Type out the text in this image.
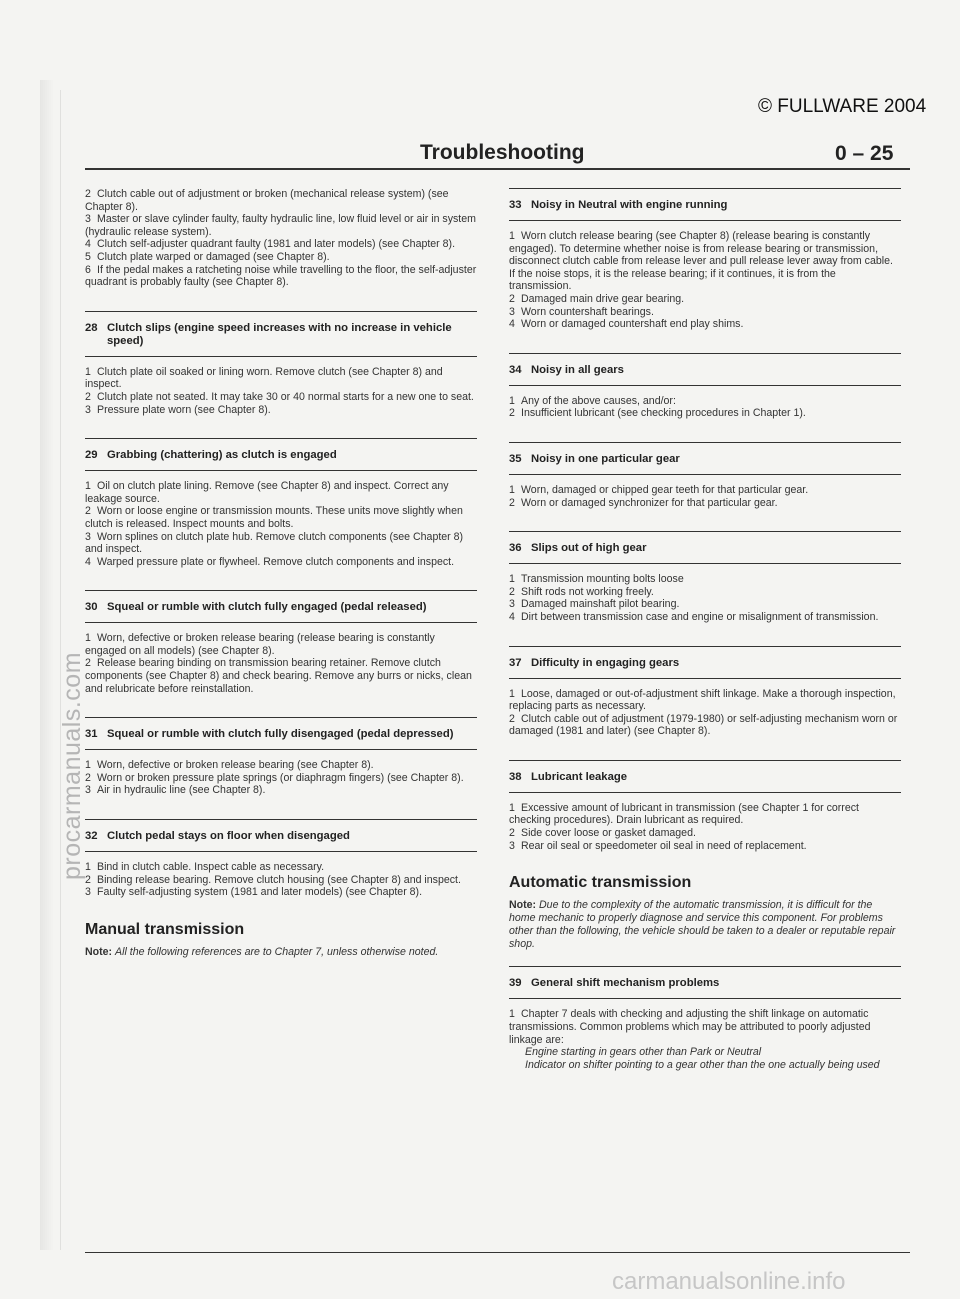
© FULLWARE 2004
Troubleshooting	0 – 25
2 Clutch cable out of adjustment or broken (mechanical release system) (see Chapter 8).
3 Master or slave cylinder faulty, faulty hydraulic line, low fluid level or air in system (hydraulic release system).
4 Clutch self-adjuster quadrant faulty (1981 and later models) (see Chapter 8).
5 Clutch plate warped or damaged (see Chapter 8).
6 If the pedal makes a ratcheting noise while travelling to the floor, the self-adjuster quadrant is probably faulty (see Chapter 8).
28 Clutch slips (engine speed increases with no increase in vehicle speed)
1 Clutch plate oil soaked or lining worn. Remove clutch (see Chapter 8) and inspect.
2 Clutch plate not seated. It may take 30 or 40 normal starts for a new one to seat.
3 Pressure plate worn (see Chapter 8).
29 Grabbing (chattering) as clutch is engaged
1 Oil on clutch plate lining. Remove (see Chapter 8) and inspect. Correct any leakage source.
2 Worn or loose engine or transmission mounts. These units move slightly when clutch is released. Inspect mounts and bolts.
3 Worn splines on clutch plate hub. Remove clutch components (see Chapter 8) and inspect.
4 Warped pressure plate or flywheel. Remove clutch components and inspect.
30 Squeal or rumble with clutch fully engaged (pedal released)
1 Worn, defective or broken release bearing (release bearing is constantly engaged on all models) (see Chapter 8).
2 Release bearing binding on transmission bearing retainer. Remove clutch components (see Chapter 8) and check bearing. Remove any burrs or nicks, clean and relubricate before reinstallation.
31 Squeal or rumble with clutch fully disengaged (pedal depressed)
1 Worn, defective or broken release bearing (see Chapter 8).
2 Worn or broken pressure plate springs (or diaphragm fingers) (see Chapter 8).
3 Air in hydraulic line (see Chapter 8).
32 Clutch pedal stays on floor when disengaged
1 Bind in clutch cable. Inspect cable as necessary.
2 Binding release bearing. Remove clutch housing (see Chapter 8) and inspect.
3 Faulty self-adjusting system (1981 and later models) (see Chapter 8).
Manual transmission
Note: All the following references are to Chapter 7, unless otherwise noted.
33 Noisy in Neutral with engine running
1 Worn clutch release bearing (see Chapter 8) (release bearing is constantly engaged). To determine whether noise is from release bearing or transmission, disconnect clutch cable from release lever and pull release lever away from cable. If the noise stops, it is the release bearing; if it continues, it is from the transmission.
2 Damaged main drive gear bearing.
3 Worn countershaft bearings.
4 Worn or damaged countershaft end play shims.
34 Noisy in all gears
1 Any of the above causes, and/or:
2 Insufficient lubricant (see checking procedures in Chapter 1).
35 Noisy in one particular gear
1 Worn, damaged or chipped gear teeth for that particular gear.
2 Worn or damaged synchronizer for that particular gear.
36 Slips out of high gear
1 Transmission mounting bolts loose
2 Shift rods not working freely.
3 Damaged mainshaft pilot bearing.
4 Dirt between transmission case and engine or misalignment of transmission.
37 Difficulty in engaging gears
1 Loose, damaged or out-of-adjustment shift linkage. Make a thorough inspection, replacing parts as necessary.
2 Clutch cable out of adjustment (1979-1980) or self-adjusting mechanism worn or damaged (1981 and later) (see Chapter 8).
38 Lubricant leakage
1 Excessive amount of lubricant in transmission (see Chapter 1 for correct checking procedures). Drain lubricant as required.
2 Side cover loose or gasket damaged.
3 Rear oil seal or speedometer oil seal in need of replacement.
Automatic transmission
Note: Due to the complexity of the automatic transmission, it is difficult for the home mechanic to properly diagnose and service this component. For problems other than the following, the vehicle should be taken to a dealer or reputable repair shop.
39 General shift mechanism problems
1 Chapter 7 deals with checking and adjusting the shift linkage on automatic transmissions. Common problems which may be attributed to poorly adjusted linkage are:
Engine starting in gears other than Park or Neutral
Indicator on shifter pointing to a gear other than the one actually being used
procarmanuals.com
carmanualsonline.info
